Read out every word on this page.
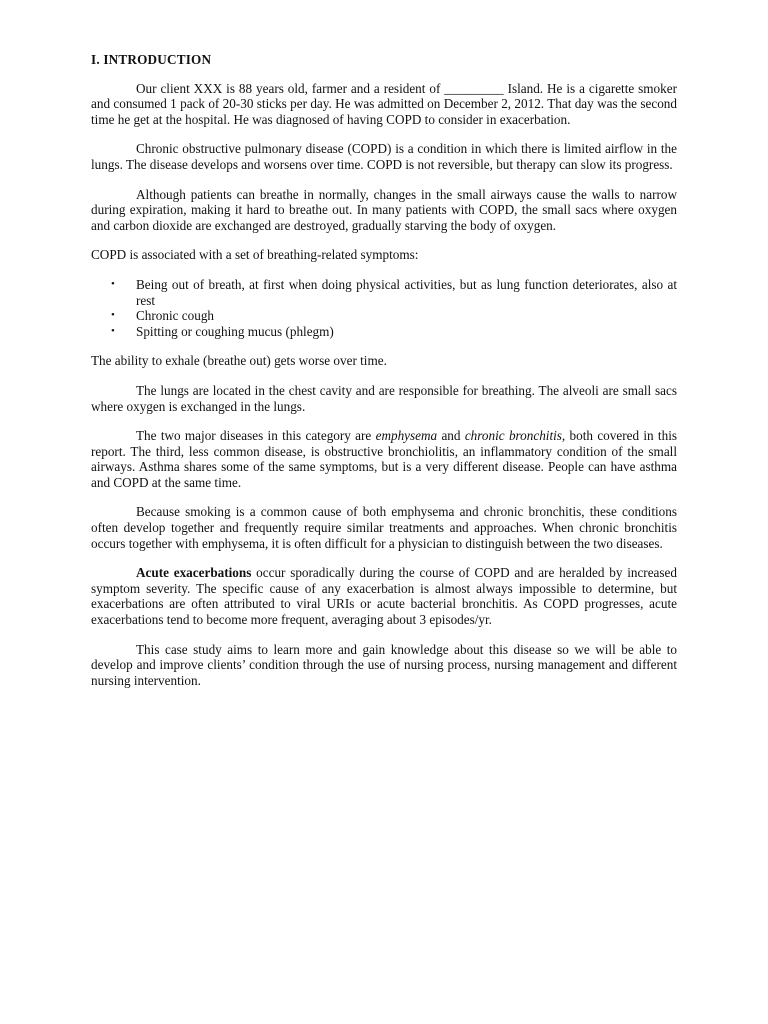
I. INTRODUCTION

Our client XXX is 88 years old, farmer and a resident of _________ Island. He is a cigarette smoker and consumed 1 pack of 20-30 sticks per day. He was admitted on December 2, 2012. That day was the second time he get at the hospital. He was diagnosed of having COPD to consider in exacerbation.

Chronic obstructive pulmonary disease (COPD) is a condition in which there is limited airflow in the lungs. The disease develops and worsens over time. COPD is not reversible, but therapy can slow its progress.

Although patients can breathe in normally, changes in the small airways cause the walls to narrow during expiration, making it hard to breathe out. In many patients with COPD, the small sacs where oxygen and carbon dioxide are exchanged are destroyed, gradually starving the body of oxygen.

COPD is associated with a set of breathing-related symptoms:

• Being out of breath, at first when doing physical activities, but as lung function deteriorates, also at rest
• Chronic cough
• Spitting or coughing mucus (phlegm)

The ability to exhale (breathe out) gets worse over time.

The lungs are located in the chest cavity and are responsible for breathing. The alveoli are small sacs where oxygen is exchanged in the lungs.

The two major diseases in this category are emphysema and chronic bronchitis, both covered in this report. The third, less common disease, is obstructive bronchiolitis, an inflammatory condition of the small airways. Asthma shares some of the same symptoms, but is a very different disease. People can have asthma and COPD at the same time.

Because smoking is a common cause of both emphysema and chronic bronchitis, these conditions often develop together and frequently require similar treatments and approaches. When chronic bronchitis occurs together with emphysema, it is often difficult for a physician to distinguish between the two diseases.

Acute exacerbations occur sporadically during the course of COPD and are heralded by increased symptom severity. The specific cause of any exacerbation is almost always impossible to determine, but exacerbations are often attributed to viral URIs or acute bacterial bronchitis. As COPD progresses, acute exacerbations tend to become more frequent, averaging about 3 episodes/yr.

This case study aims to learn more and gain knowledge about this disease so we will be able to develop and improve clients’ condition through the use of nursing process, nursing management and different nursing intervention.
